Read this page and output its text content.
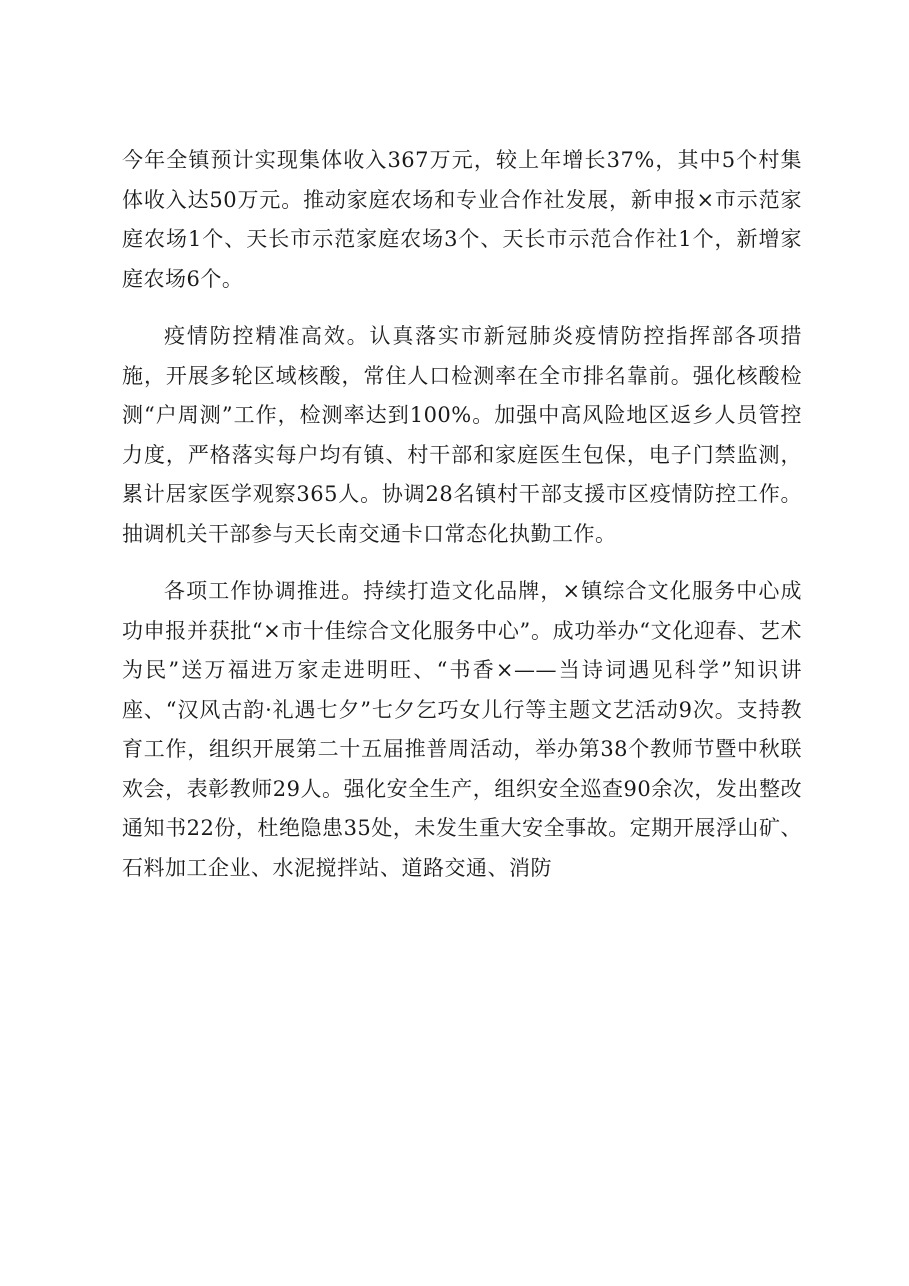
今年全镇预计实现集体收入367万元，较上年增长37%，其中5个村集体收入达50万元。推动家庭农场和专业合作社发展，新申报×市示范家庭农场1个、天长市示范家庭农场3个、天长市示范合作社1个，新增家庭农场6个。

疫情防控精准高效。认真落实市新冠肺炎疫情防控指挥部各项措施，开展多轮区域核酸，常住人口检测率在全市排名靠前。强化核酸检测“户周测”工作，检测率达到100%。加强中高风险地区返乡人员管控力度，严格落实每户均有镇、村干部和家庭医生包保，电子门禁监测，累计居家医学观察365人。协调28名镇村干部支援市区疫情防控工作。抽调机关干部参与天长南交通卡口常态化执勤工作。

各项工作协调推进。持续打造文化品牌，×镇综合文化服务中心成功申报并获批“×市十佳综合文化服务中心”。成功举办“文化迎春、艺术为民”送万福进万家走进明旺、“书香×——当诗词遇见科学”知识讲座、“汉风古韵·礼遇七夕”七夕乞巧女儿行等主题文艺活动9次。支持教育工作，组织开展第二十五届推普周活动，举办第38个教师节暨中秋联欢会，表彰教师29人。强化安全生产，组织安全巡查90余次，发出整改通知书22份，杜绝隐患35处，未发生重大安全事故。定期开展浮山矿、石料加工企业、水泥搅拌站、道路交通、消防
